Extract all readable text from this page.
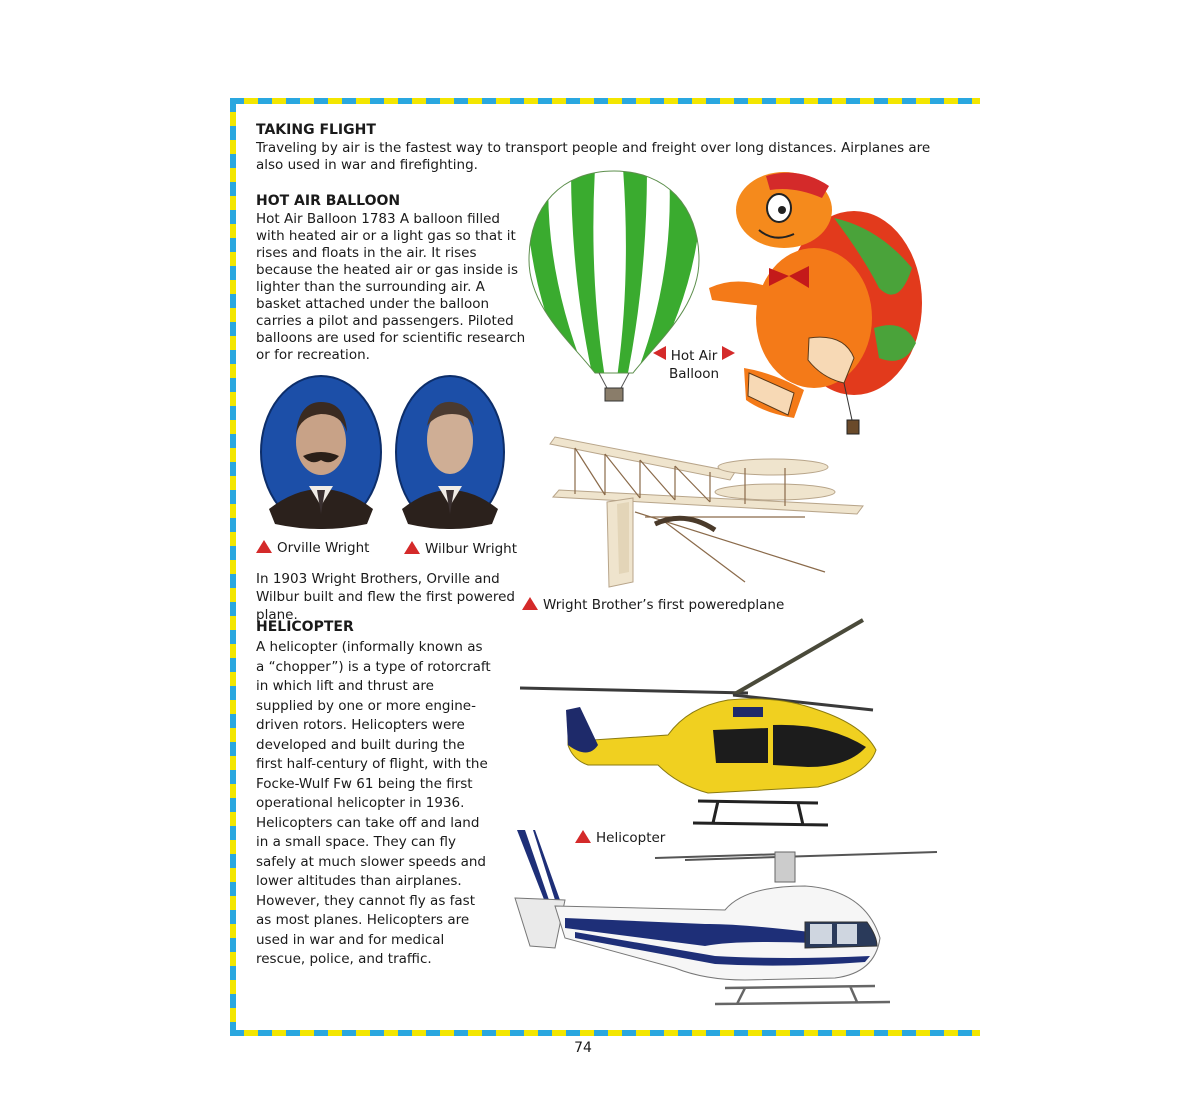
TAKING FLIGHT
Traveling by air is the fastest way to transport people and freight over long distances. Airplanes are also used in war and firefighting.
HOT AIR BALLOON
Hot Air Balloon 1783 A balloon filled with heated air or a light gas so that it rises and floats in the air. It rises because the heated air or gas inside is lighter than the surrounding air. A basket attached under the balloon carries a pilot and passengers. Piloted balloons are used for scientific research or for recreation.	Hot Air
Balloon
Orville Wright	Wilbur Wright
In 1903 Wright Brothers, Orville and Wilbur built and flew the first powered plane.
Wright Brother’s first poweredplane
HELICOPTER
A helicopter (informally known as a “chopper”) is a type of rotorcraft in which lift and thrust are supplied by one or more engine-driven rotors. Helicopters were developed and built during the first half-century of flight, with the Focke-Wulf Fw 61 being the first operational helicopter in 1936. Helicopters can take off and land in a small space. They can fly safely at much slower speeds and lower altitudes than airplanes. However, they cannot fly as fast as most planes. Helicopters are used in war and for medical rescue, police, and traffic.
Helicopter
74
